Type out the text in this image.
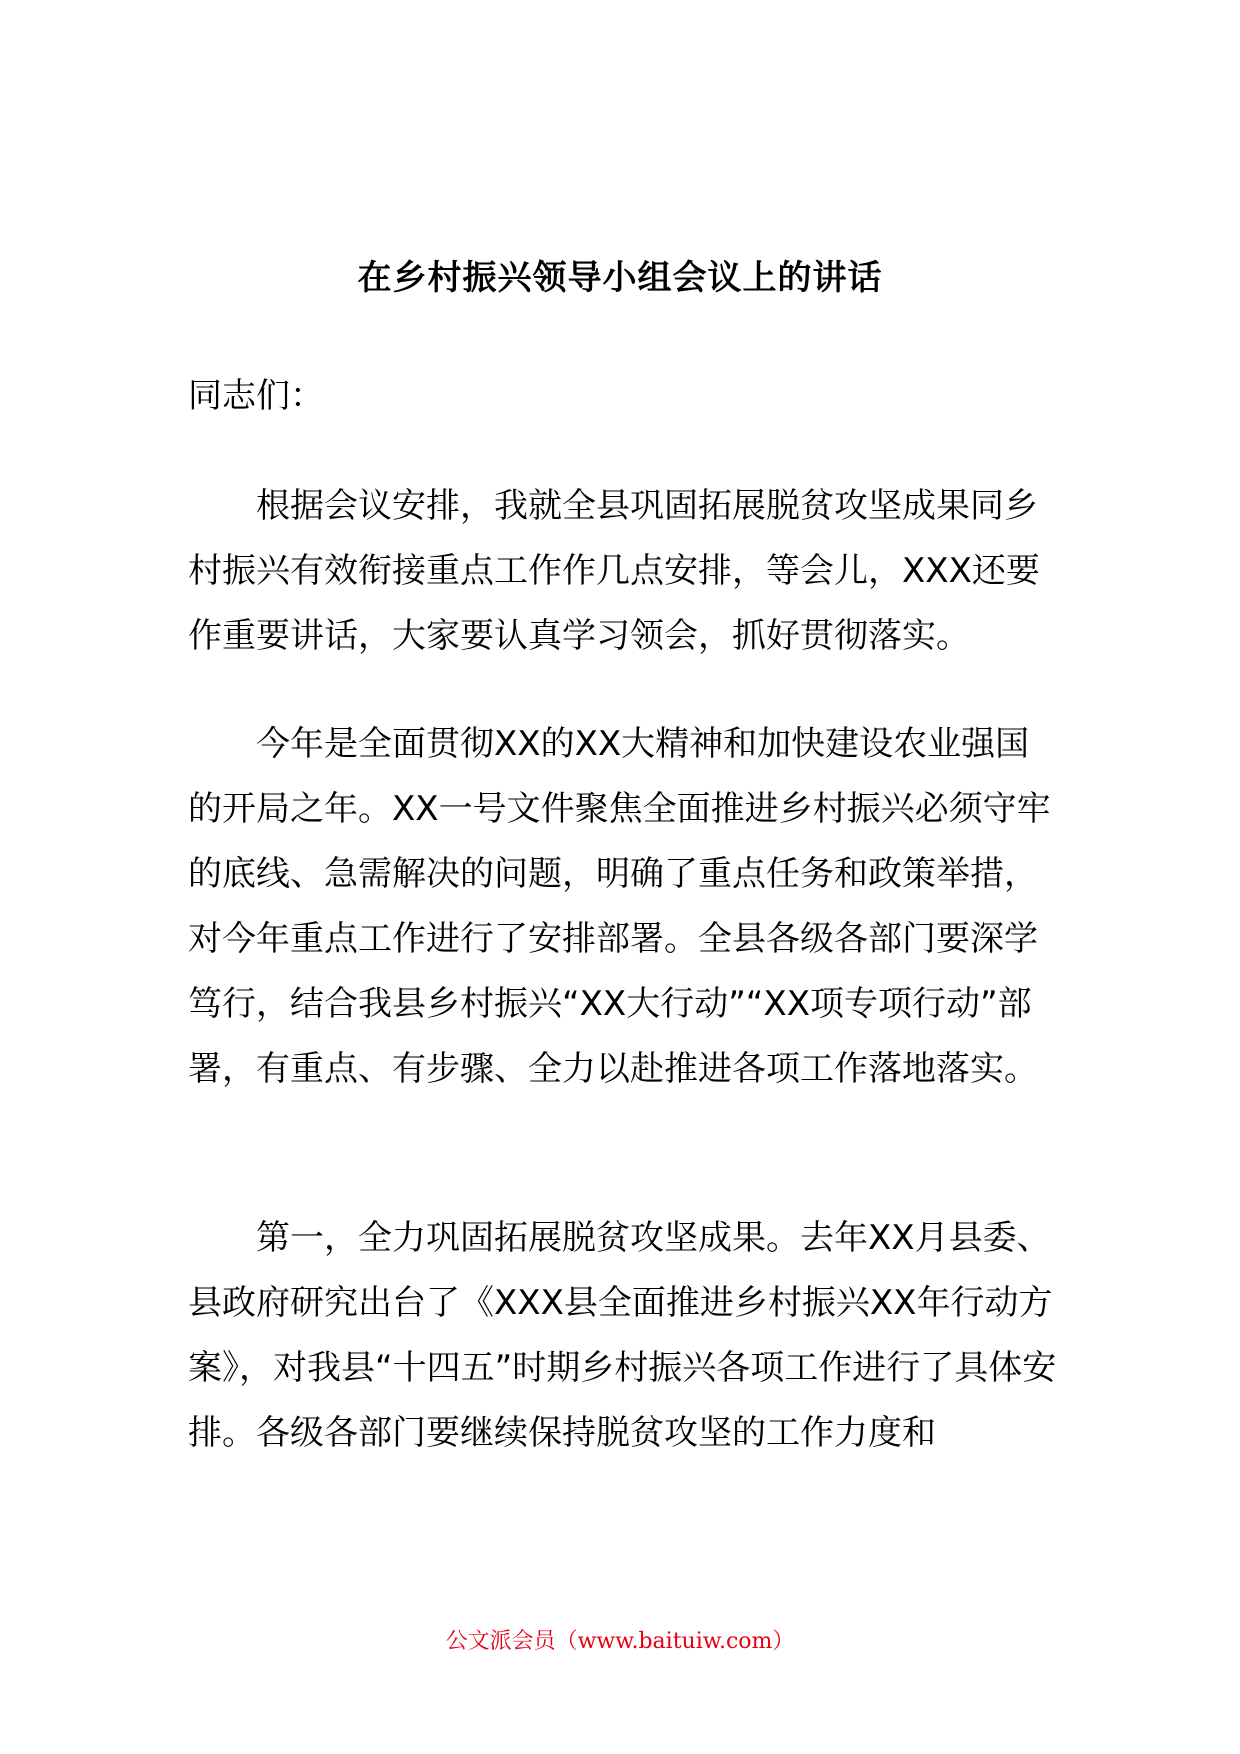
在乡村振兴领导小组会议上的讲话
同志们：

根据会议安排，我就全县巩固拓展脱贫攻坚成果同乡村振兴有效衔接重点工作作几点安排，等会儿，XXX还要作重要讲话，大家要认真学习领会，抓好贯彻落实。

今年是全面贯彻XX的XX大精神和加快建设农业强国的开局之年。XX一号文件聚焦全面推进乡村振兴必须守牢的底线、急需解决的问题，明确了重点任务和政策举措，对今年重点工作进行了安排部署。全县各级各部门要深学笃行，结合我县乡村振兴“XX大行动”“XX项专项行动”部署，有重点、有步骤、全力以赴推进各项工作落地落实。

第一，全力巩固拓展脱贫攻坚成果。去年XX月县委、县政府研究出台了《XXX县全面推进乡村振兴XX年行动方案》，对我县“十四五”时期乡村振兴各项工作进行了具体安排。各级各部门要继续保持脱贫攻坚的工作力度和

公文派会员（www.baituiw.com）
